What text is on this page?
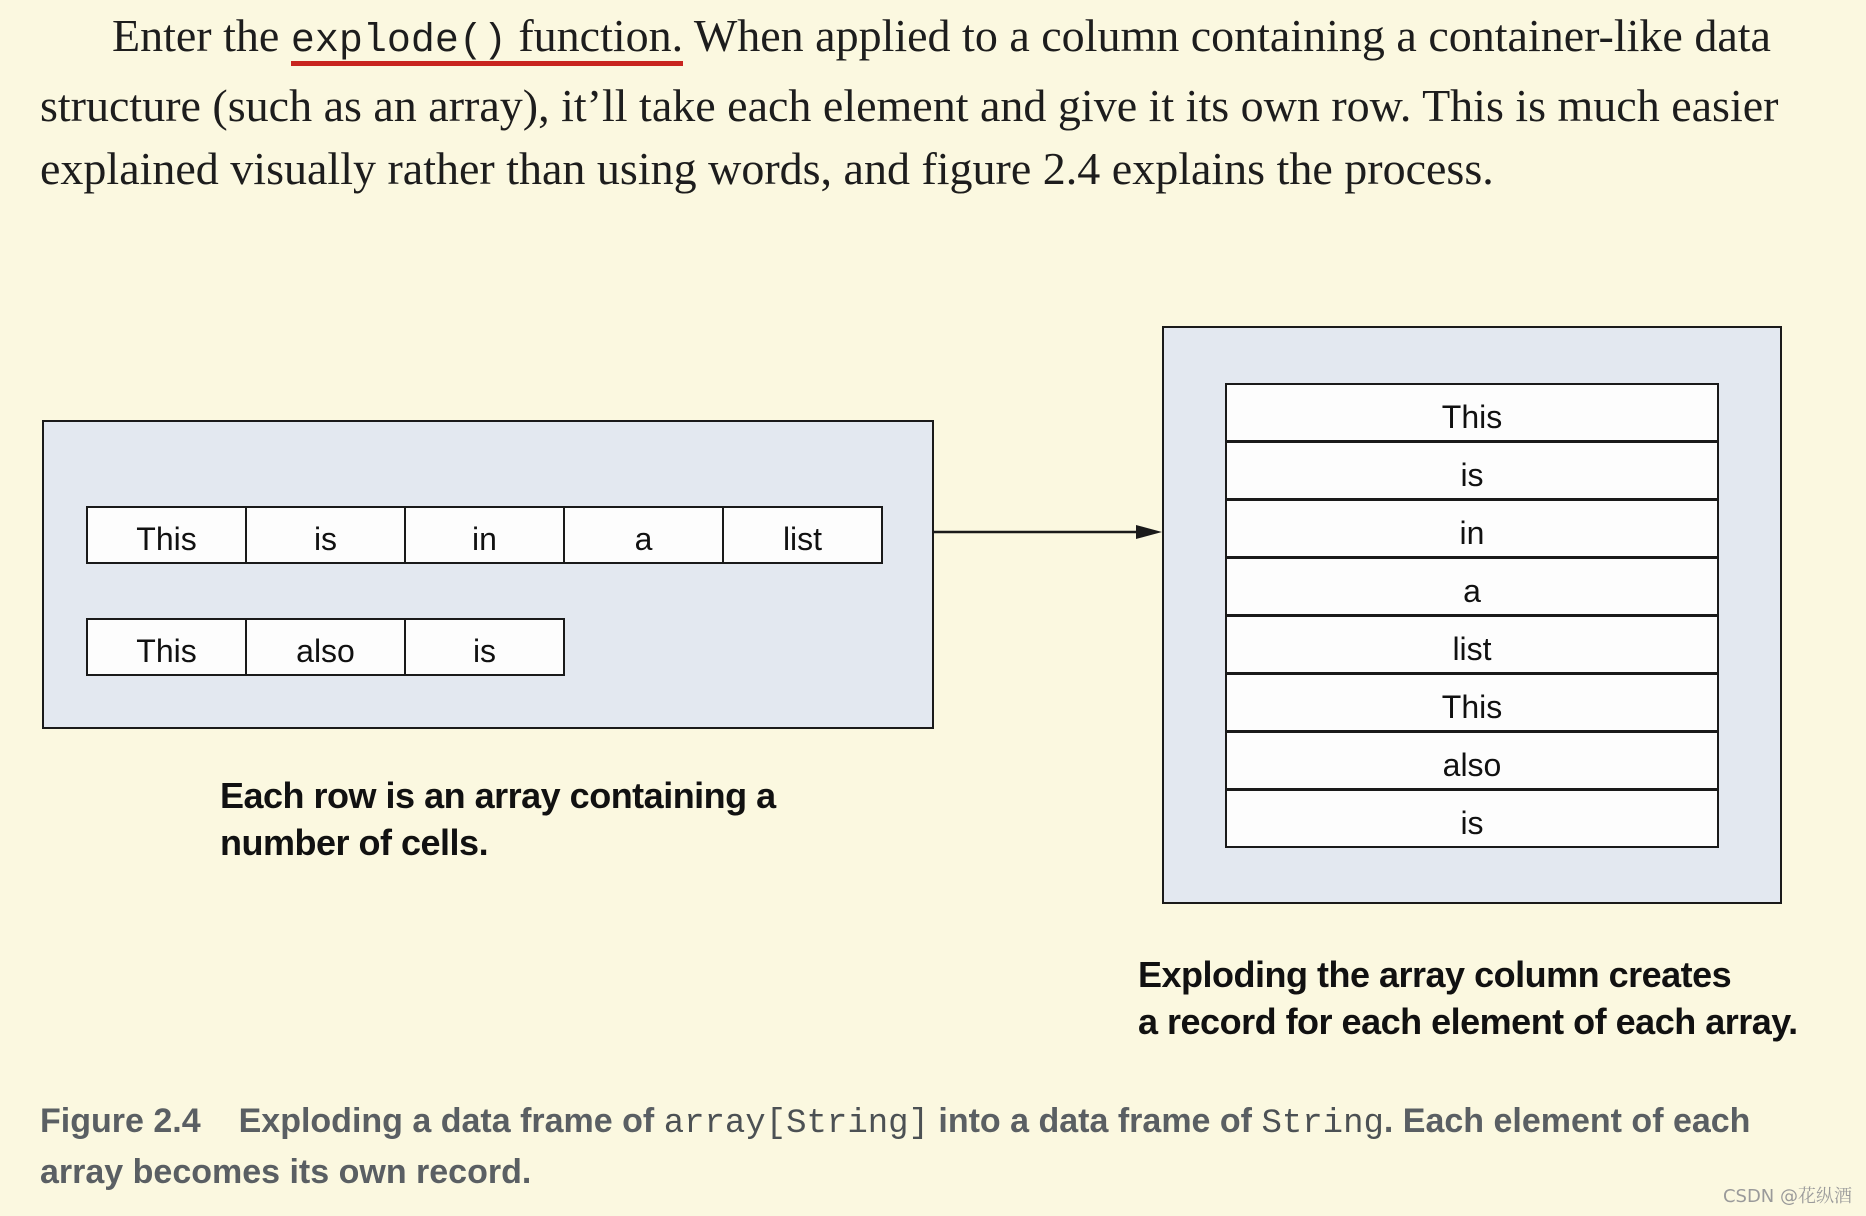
Enter the explode() function. When applied to a column containing a container-like data structure (such as an array), it’ll take each element and give it its own row. This is much easier explained visually rather than using words, and figure 2.4 explains the process.

This	is	in	a	list
This	also	is
This
is
in
a
list
This
also
is
Each row is an array containing a
number of cells.
Exploding the array column creates
a record for each element of each array.
Figure 2.4 Exploding a data frame of array[String] into a data frame of String. Each element of each array becomes its own record.
CSDN @花纵酒
